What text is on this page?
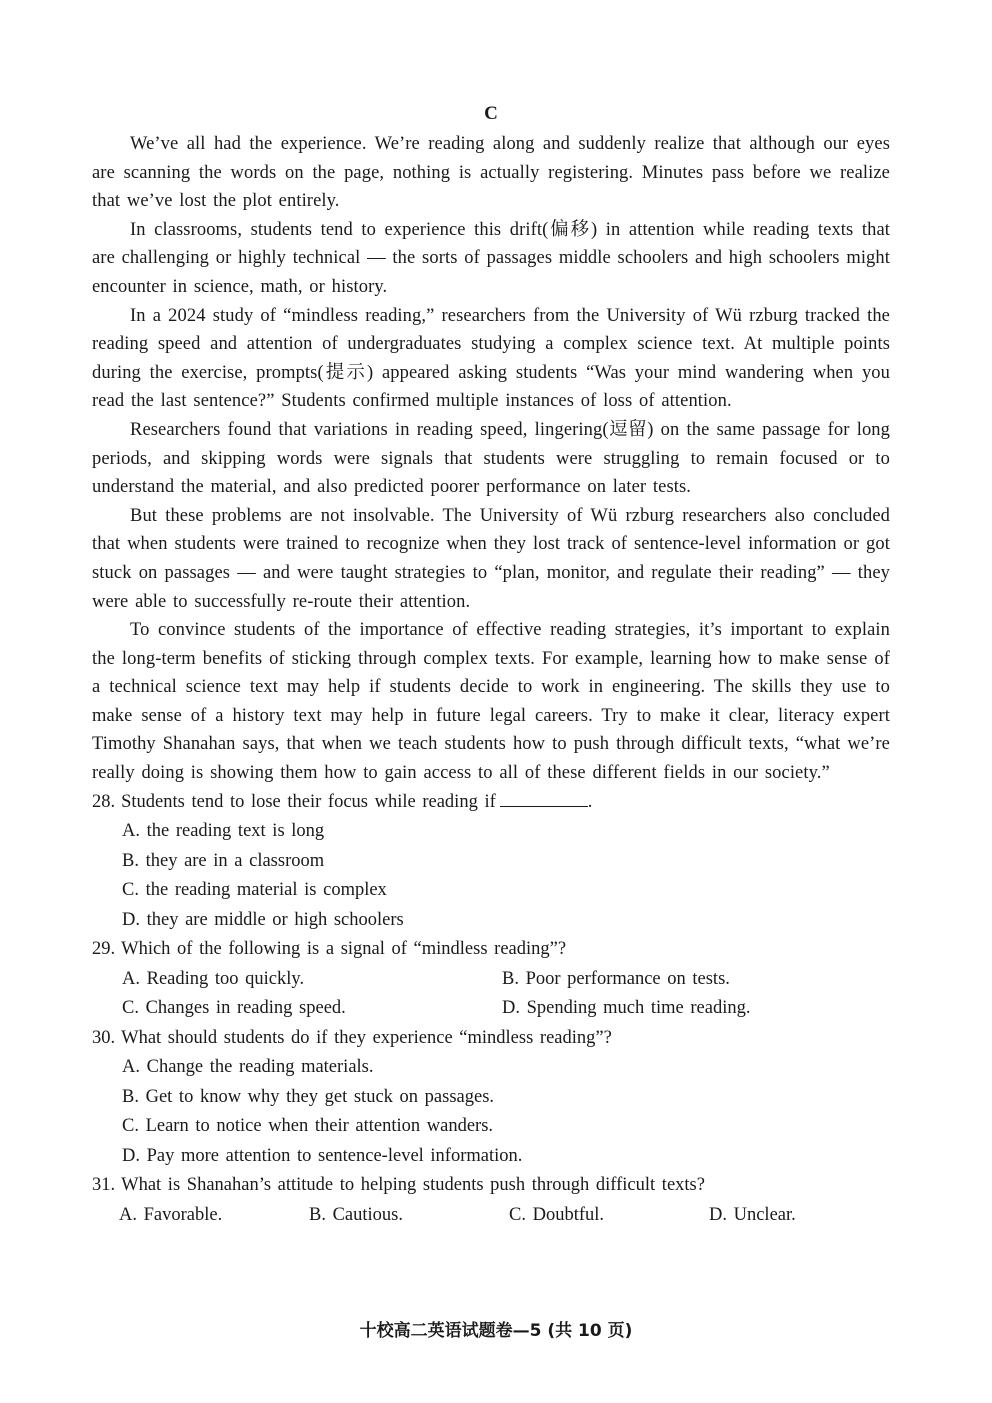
C

We’ve all had the experience. We’re reading along and suddenly realize that although our eyes are scanning the words on the page, nothing is actually registering. Minutes pass before we realize that we’ve lost the plot entirely.

In classrooms, students tend to experience this drift(偏移) in attention while reading texts that are challenging or highly technical — the sorts of passages middle schoolers and high schoolers might encounter in science, math, or history.

In a 2024 study of “mindless reading,” researchers from the University of Wü rzburg tracked the reading speed and attention of undergraduates studying a complex science text. At multiple points during the exercise, prompts(提示) appeared asking students “Was your mind wandering when you read the last sentence?” Students confirmed multiple instances of loss of attention.

Researchers found that variations in reading speed, lingering(逗留) on the same passage for long periods, and skipping words were signals that students were struggling to remain focused or to understand the material, and also predicted poorer performance on later tests.

But these problems are not insolvable. The University of Wü rzburg researchers also concluded that when students were trained to recognize when they lost track of sentence-level information or got stuck on passages — and were taught strategies to “plan, monitor, and regulate their reading” — they were able to successfully re-route their attention.

To convince students of the importance of effective reading strategies, it’s important to explain the long-term benefits of sticking through complex texts. For example, learning how to make sense of a technical science text may help if students decide to work in engineering. The skills they use to make sense of a history text may help in future legal careers. Try to make it clear, literacy expert Timothy Shanahan says, that when we teach students how to push through difficult texts, “what we’re really doing is showing them how to gain access to all of these different fields in our society.”

28. Students tend to lose their focus while reading if	.

A. the reading text is long

B. they are in a classroom

C. the reading material is complex

D. they are middle or high schoolers

29. Which of the following is a signal of “mindless reading”?

A. Reading too quickly.	B. Poor performance on tests.

C. Changes in reading speed.	D. Spending much time reading.

30. What should students do if they experience “mindless reading”?

A. Change the reading materials.

B. Get to know why they get stuck on passages.

C. Learn to notice when their attention wanders.

D. Pay more attention to sentence-level information.

31. What is Shanahan’s attitude to helping students push through difficult texts?

A. Favorable.	B. Cautious.	C. Doubtful.	D. Unclear.

十校高二英语试题卷—5 (共 10 页)
